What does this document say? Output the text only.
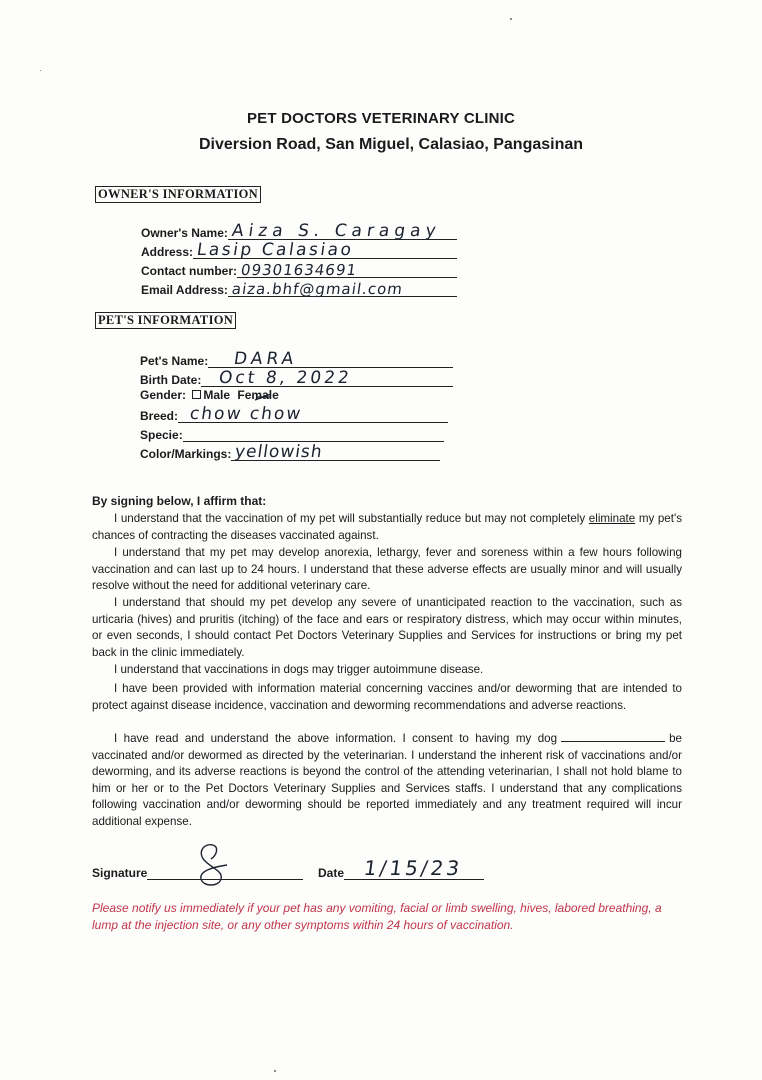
PET DOCTORS VETERINARY CLINIC
Diversion Road, San Miguel, Calasiao, Pangasinan
OWNER'S INFORMATION
Owner's Name: Aiza S. Caragay
Address: Lasip Calasiao
Contact number: 09301634691
Email Address: aiza.bhf@gmail.com
PET'S INFORMATION
Pet's Name: DARA
Birth Date: Oct 8, 2022
Gender: Male Female
Breed: chow chow
Specie:
Color/Markings: yellowish
By signing below, I affirm that:

I understand that the vaccination of my pet will substantially reduce but may not completely eliminate my pet's chances of contracting the diseases vaccinated against.

I understand that my pet may develop anorexia, lethargy, fever and soreness within a few hours following vaccination and can last up to 24 hours. I understand that these adverse effects are usually minor and will usually resolve without the need for additional veterinary care.

I understand that should my pet develop any severe of unanticipated reaction to the vaccination, such as urticaria (hives) and pruritis (itching) of the face and ears or respiratory distress, which may occur within minutes, or even seconds, I should contact Pet Doctors Veterinary Supplies and Services for instructions or bring my pet back in the clinic immediately.

I understand that vaccinations in dogs may trigger autoimmune disease.

I have been provided with information material concerning vaccines and/or deworming that are intended to protect against disease incidence, vaccination and deworming recommendations and adverse reactions.

I have read and understand the above information. I consent to having my dog	be vaccinated and/or dewormed as directed by the veterinarian. I understand the inherent risk of vaccinations and/or deworming, and its adverse reactions is beyond the control of the attending veterinarian, I shall not hold blame to him or her or to the Pet Doctors Veterinary Supplies and Services staffs. I understand that any complications following vaccination and/or deworming should be reported immediately and any treatment required will incur additional expense.

Signature	Date 1/15/23
Please notify us immediately if your pet has any vomiting, facial or limb swelling, hives, labored breathing, a lump at the injection site, or any other symptoms within 24 hours of vaccination.
